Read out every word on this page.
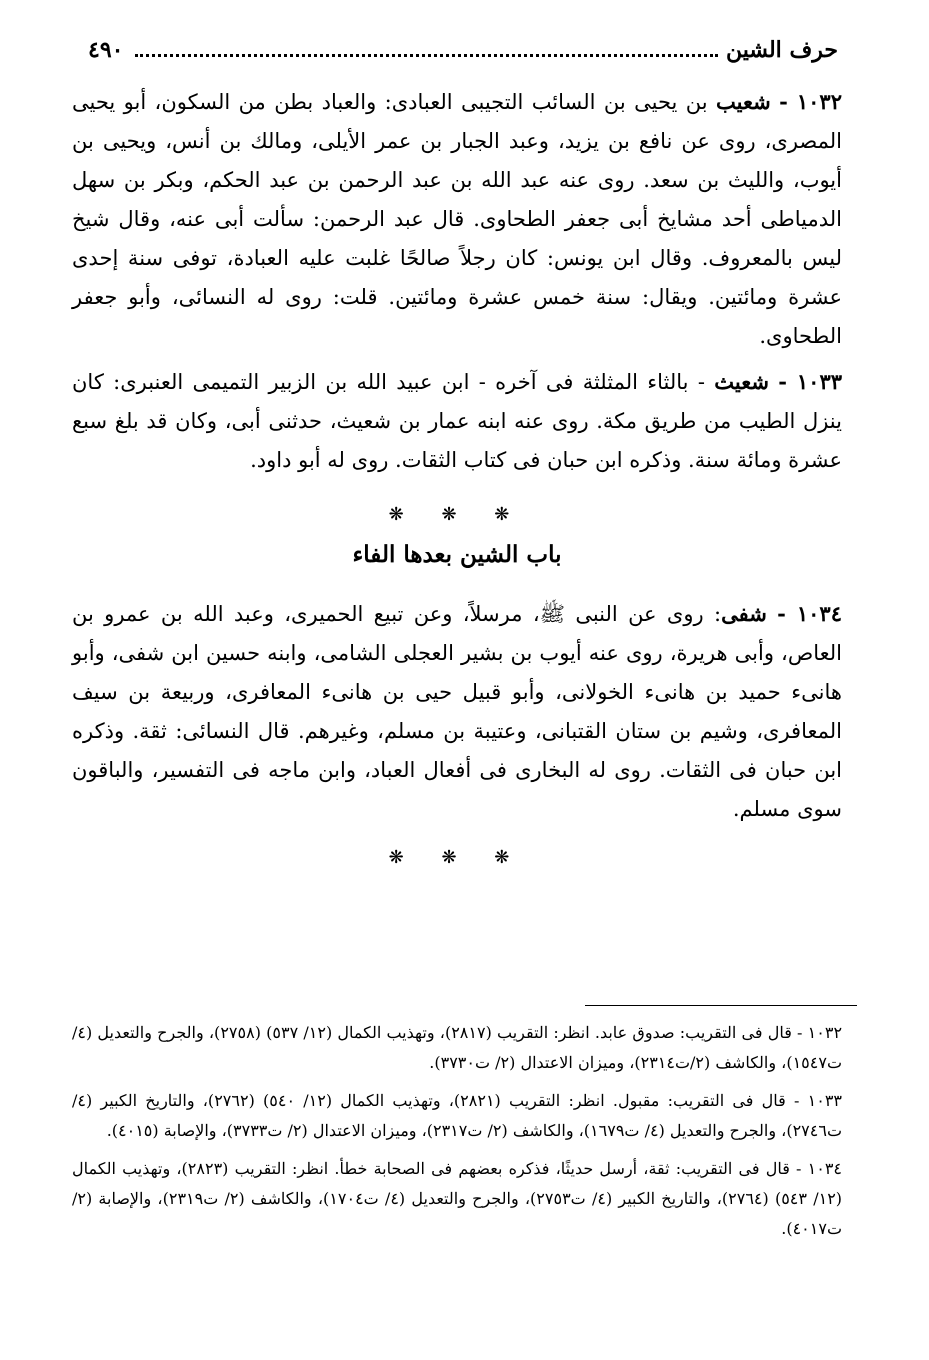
حرف الشين
٤٩٠

١٠٣٢ - شعيب بن يحيى بن السائب التجيبى العبادى: والعباد بطن من السكون، أبو يحيى المصرى، روى عن نافع بن يزيد، وعبد الجبار بن عمر الأيلى، ومالك بن أنس، ويحيى بن أيوب، والليث بن سعد. روى عنه عبد الله بن عبد الرحمن بن عبد الحكم، وبكر بن سهل الدمياطى أحد مشايخ أبى جعفر الطحاوى. قال عبد الرحمن: سألت أبى عنه، وقال شيخ ليس بالمعروف. وقال ابن يونس: كان رجلاً صالحًا غلبت عليه العبادة، توفى سنة إحدى عشرة ومائتين. ويقال: سنة خمس عشرة ومائتين. قلت: روى له النسائى، وأبو جعفر الطحاوى.

١٠٣٣ - شعيث - بالثاء المثلثة فى آخره - ابن عبيد الله بن الزبير التميمى العنبرى: كان ينزل الطيب من طريق مكة. روى عنه ابنه عمار بن شعيث، حدثنى أبى، وكان قد بلغ سبع عشرة ومائة سنة. وذكره ابن حبان فى كتاب الثقات. روى له أبو داود.

❋ ❋ ❋
باب الشين بعدها الفاء

١٠٣٤ - شفى: روى عن النبى ﷺ، مرسلاً، وعن تبيع الحميرى، وعبد الله بن عمرو بن العاص، وأبى هريرة، روى عنه أيوب بن بشير العجلى الشامى، وابنه حسين ابن شفى، وأبو هانىء حميد بن هانىء الخولانى، وأبو قبيل حيى بن هانىء المعافرى، وربيعة بن سيف المعافرى، وشيم بن ستان القتبانى، وعتيبة بن مسلم، وغيرهم. قال النسائى: ثقة. وذكره ابن حبان فى الثقات. روى له البخارى فى أفعال العباد، وابن ماجه فى التفسير، والباقون سوى مسلم.

❋ ❋ ❋

١٠٣٢ - قال فى التقريب: صدوق عابد. انظر: التقريب (٢٨١٧)، وتهذيب الكمال (١٢/ ٥٣٧) (٢٧٥٨)، والجرح والتعديل (٤/ت١٥٤٧)، والكاشف (٢/ت٢٣١٤)، وميزان الاعتدال (٢/ ت٣٧٣٠).

١٠٣٣ - قال فى التقريب: مقبول. انظر: التقريب (٢٨٢١)، وتهذيب الكمال (١٢/ ٥٤٠) (٢٧٦٢)، والتاريخ الكبير (٤/ ت٢٧٤٦)، والجرح والتعديل (٤/ ت١٦٧٩)، والكاشف (٢/ ت٢٣١٧)، وميزان الاعتدال (٢/ ت٣٧٣٣)، والإصابة (٤٠١٥).

١٠٣٤ - قال فى التقريب: ثقة، أرسل حديثًا، فذكره بعضهم فى الصحابة خطأ. انظر: التقريب (٢٨٢٣)، وتهذيب الكمال (١٢/ ٥٤٣) (٢٧٦٤)، والتاريخ الكبير (٤/ ت٢٧٥٣)، والجرح والتعديل (٤/ ت١٧٠٤)، والكاشف (٢/ ت٢٣١٩)، والإصابة (٢/ ت٤٠١٧).
